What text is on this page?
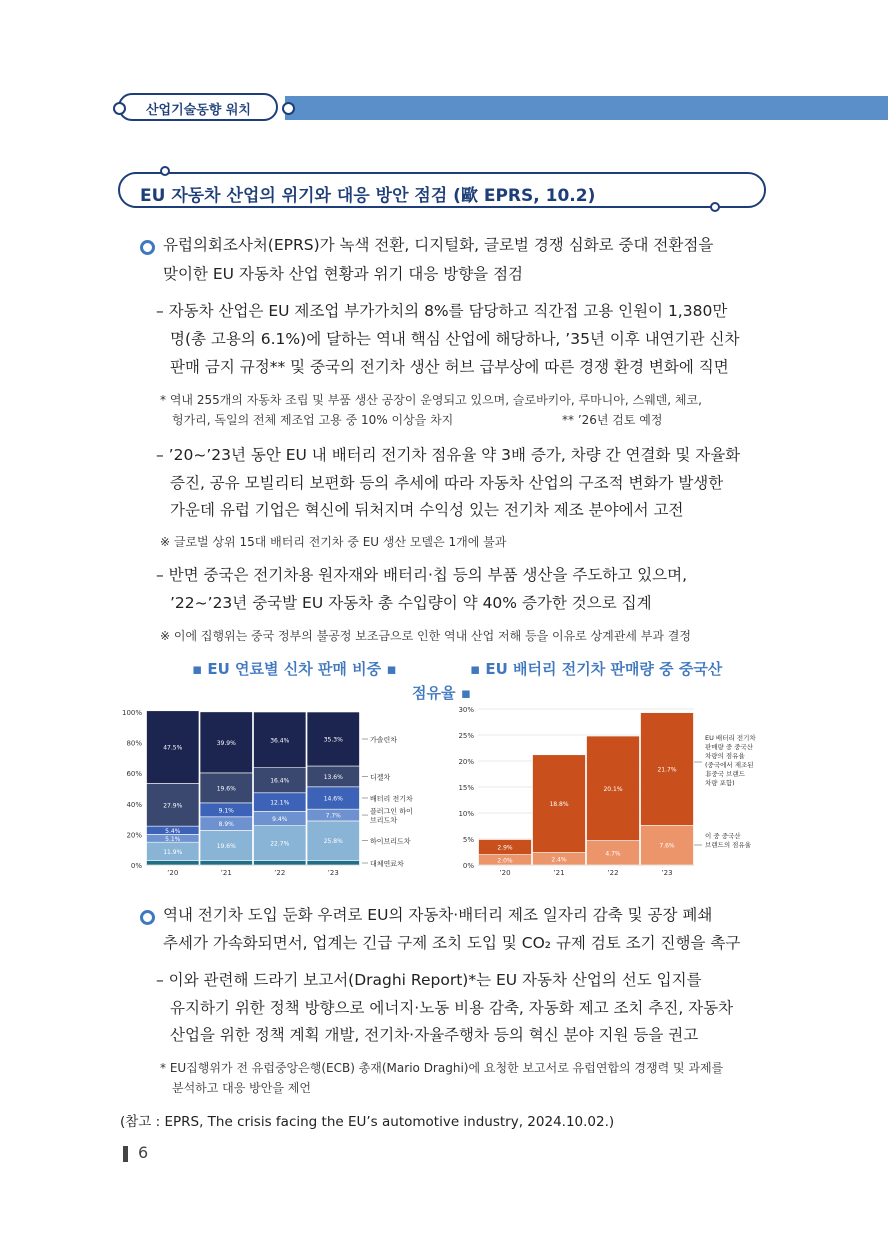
산업기술동향 워치
EU 자동차 산업의 위기와 대응 방안 점검 (歐 EPRS, 10.2)
유럽의회조사처(EPRS)가 녹색 전환, 디지털화, 글로벌 경쟁 심화로 중대 전환점을
맞이한 EU 자동차 산업 현황과 위기 대응 방향을 점검
– 자동차 산업은 EU 제조업 부가가치의 8%를 담당하고 직간접 고용 인원이 1,380만
명(총 고용의 6.1%)에 달하는 역내 핵심 산업에 해당하나, ’35년 이후 내연기관 신차
판매 금지 규정** 및 중국의 전기차 생산 허브 급부상에 따른 경쟁 환경 변화에 직면
* 역내 255개의 자동차 조립 및 부품 생산 공장이 운영되고 있으며, 슬로바키아, 루마니아, 스웨덴, 체코,
헝가리, 독일의 전체 제조업 고용 중 10% 이상을 차지	** ’26년 검토 예정
– ’20~’23년 동안 EU 내 배터리 전기차 점유율 약 3배 증가, 차량 간 연결화 및 자율화
증진, 공유 모빌리티 보편화 등의 추세에 따라 자동차 산업의 구조적 변화가 발생한
가운데 유럽 기업은 혁신에 뒤처지며 수익성 있는 전기차 제조 분야에서 고전
※ 글로벌 상위 15대 배터리 전기차 중 EU 생산 모델은 1개에 불과
– 반면 중국은 전기차용 원자재와 배터리·칩 등의 부품 생산을 주도하고 있으며,
’22~’23년 중국발 EU 자동차 총 수입량이 약 40% 증가한 것으로 집계
※ 이에 집행위는 중국 정부의 불공정 보조금으로 인한 역내 산업 저해 등을 이유로 상계관세 부과 결정
▪ EU 연료별 신차 판매 비중 ▪	▪ EU 배터리 전기차 판매량 중 중국산
점유율 ▪
0%
20%
40%
60%
80%
100%
’20
11.9%
5.1%
5.4%
27.9%
47.5%
’21
19.6%
8.9%
9.1%
19.6%
39.9%
’22
22.7%
9.4%
12.1%
16.4%
36.4%
’23
25.8%
7.7%
14.6%
13.6%
35.3%
대체연료차
하이브리드차
플러그인 하이
브리드차
배터리 전기차
디젤차
가솔린차
0%
5%
10%
15%
20%
25%
30%
’20
2.0%
2.9%
’21
2.4%
18.8%
’22
4.7%
20.1%
’23
7.6%
21.7%
EU 배터리 전기차
판매량 중 중국산
차량의 점유율
(중국에서 제조된
非중국 브랜드
차량 포함)
이 중 중국산
브랜드의 점유율
역내 전기차 도입 둔화 우려로 EU의 자동차·배터리 제조 일자리 감축 및 공장 폐쇄
추세가 가속화되면서, 업계는 긴급 구제 조치 도입 및 CO₂ 규제 검토 조기 진행을 촉구
– 이와 관련해 드라기 보고서(Draghi Report)*는 EU 자동차 산업의 선도 입지를
유지하기 위한 정책 방향으로 에너지·노동 비용 감축, 자동화 제고 조치 추진, 자동차
산업을 위한 정책 계획 개발, 전기차·자율주행차 등의 혁신 분야 지원 등을 권고
* EU집행위가 전 유럽중앙은행(ECB) 총재(Mario Draghi)에 요청한 보고서로 유럽연합의 경쟁력 및 과제를
분석하고 대응 방안을 제언
(참고 : EPRS, The crisis facing the EU’s automotive industry, 2024.10.02.)
6
